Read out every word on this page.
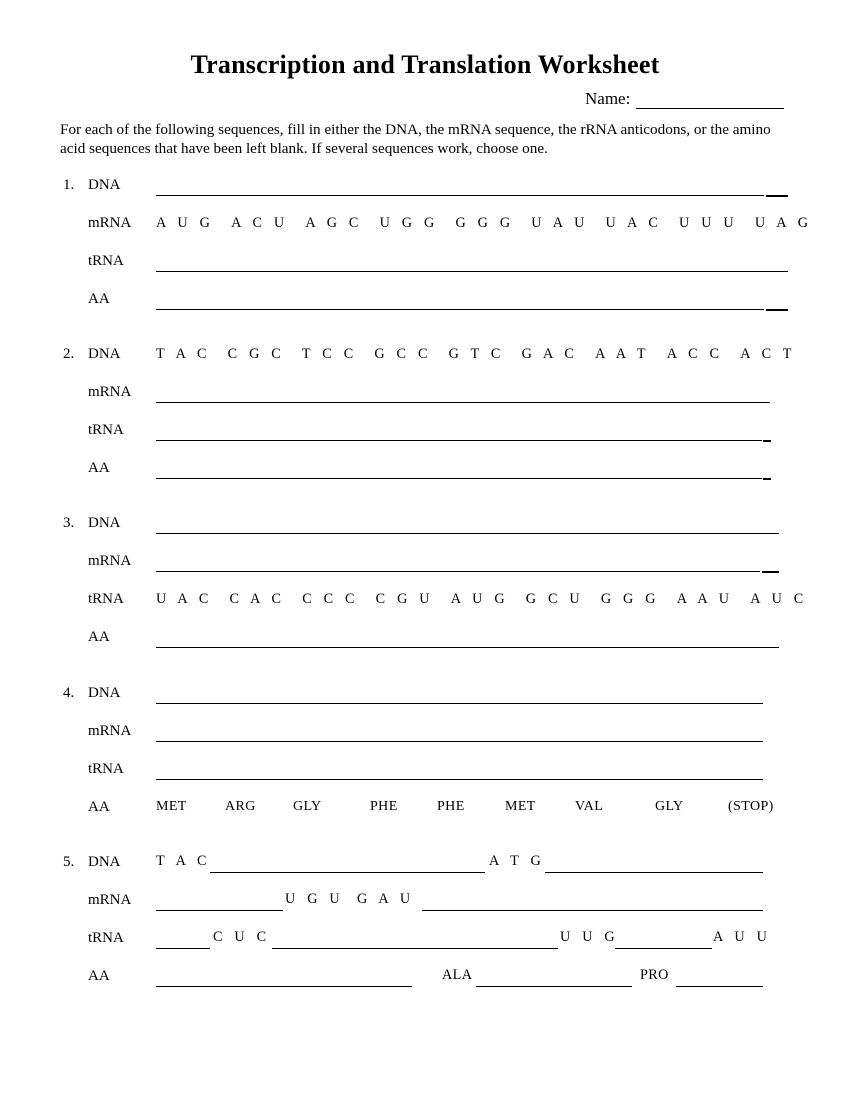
Transcription and Translation Worksheet
Name:
For each of the following sequences, fill in either the DNA, the mRNA sequence, the rRNA anticodons, or the amino acid sequences that have been left blank. If several sequences work, choose one.
1. DNA
mRNA A U G A C U A G C U G G G G G U A U U A C U U U U A G
tRNA
AA
2. DNA	T A C C G C T C C G C C G T C G A C A A T A C C A C T
mRNA
tRNA
AA
3. DNA
mRNA
tRNA U A C C A C C C C C G U A U G G C U G G G A A U A U C
AA
4. DNA
mRNA
tRNA
AA	MET	ARG	GLY	PHE	PHE	MET	VAL	GLY	(STOP)
5. DNA	T A C	A T G
mRNA	U G U G A U
tRNA	C U C	U U G	A U U
AA	ALA	PRO
